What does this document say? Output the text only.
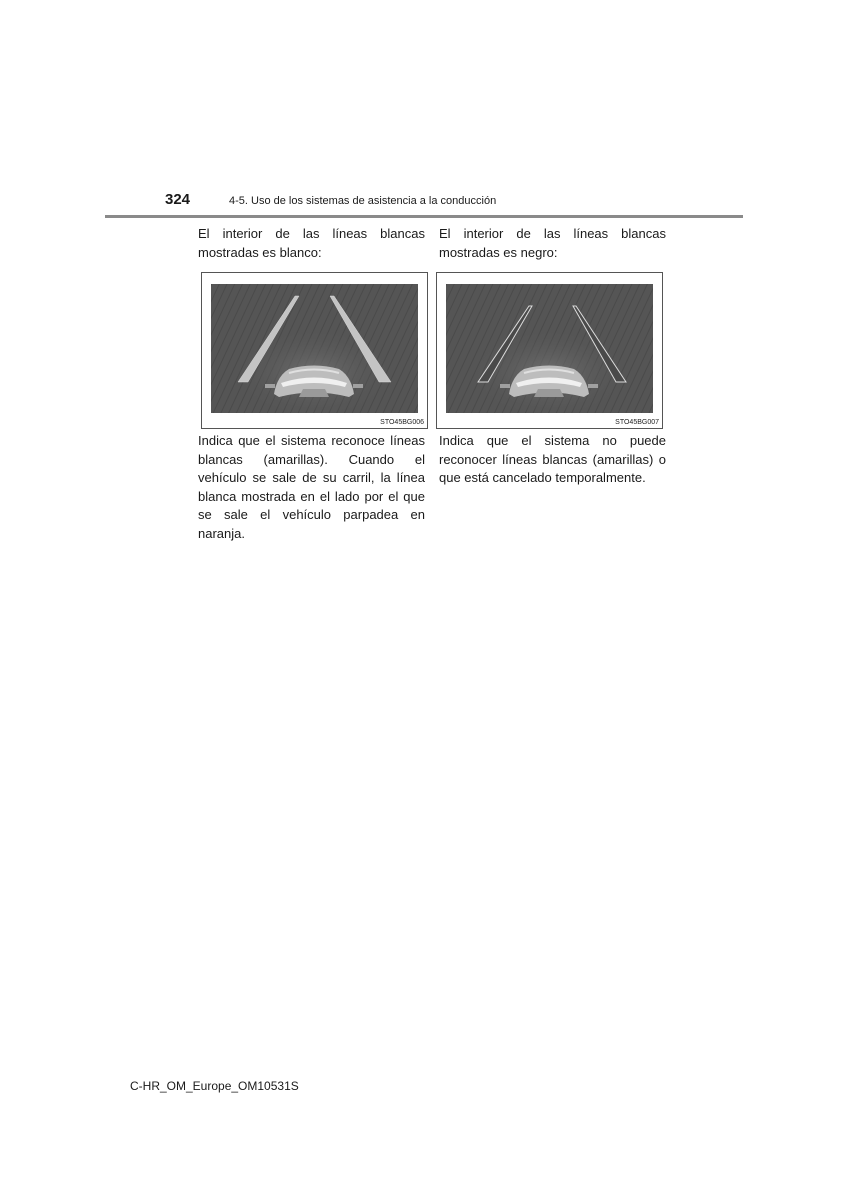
324	4-5. Uso de los sistemas de asistencia a la conducción
El interior de las líneas blancas mostradas es blanco:
STO45BG006
Indica que el sistema reconoce líneas blancas (amarillas). Cuando el vehículo se sale de su carril, la línea blanca mostrada en el lado por el que se sale el vehículo parpadea en naranja.
El interior de las líneas blancas mostradas es negro:
STO45BG007
Indica que el sistema no puede reconocer líneas blancas (amarillas) o que está cancelado temporalmente.
C-HR_OM_Europe_OM10531S
